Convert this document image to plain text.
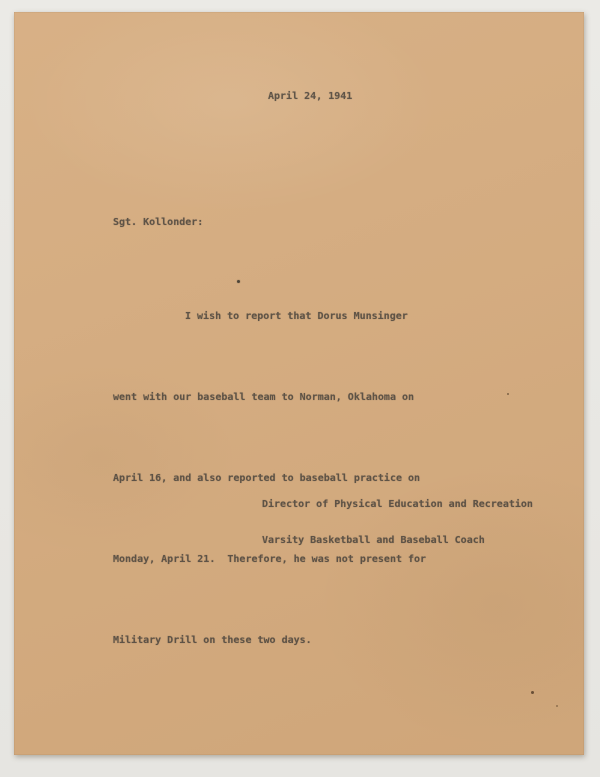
April 24, 1941
Sgt. Kollonder:

I wish to report that Dorus Munsinger

went with our baseball team to Norman, Oklahoma on

April 16, and also reported to baseball practice on

Monday, April 21.  Therefore, he was not present for

Military Drill on these two days.

Director of Physical Education and Recreation

Varsity Basketball and Baseball Coach
